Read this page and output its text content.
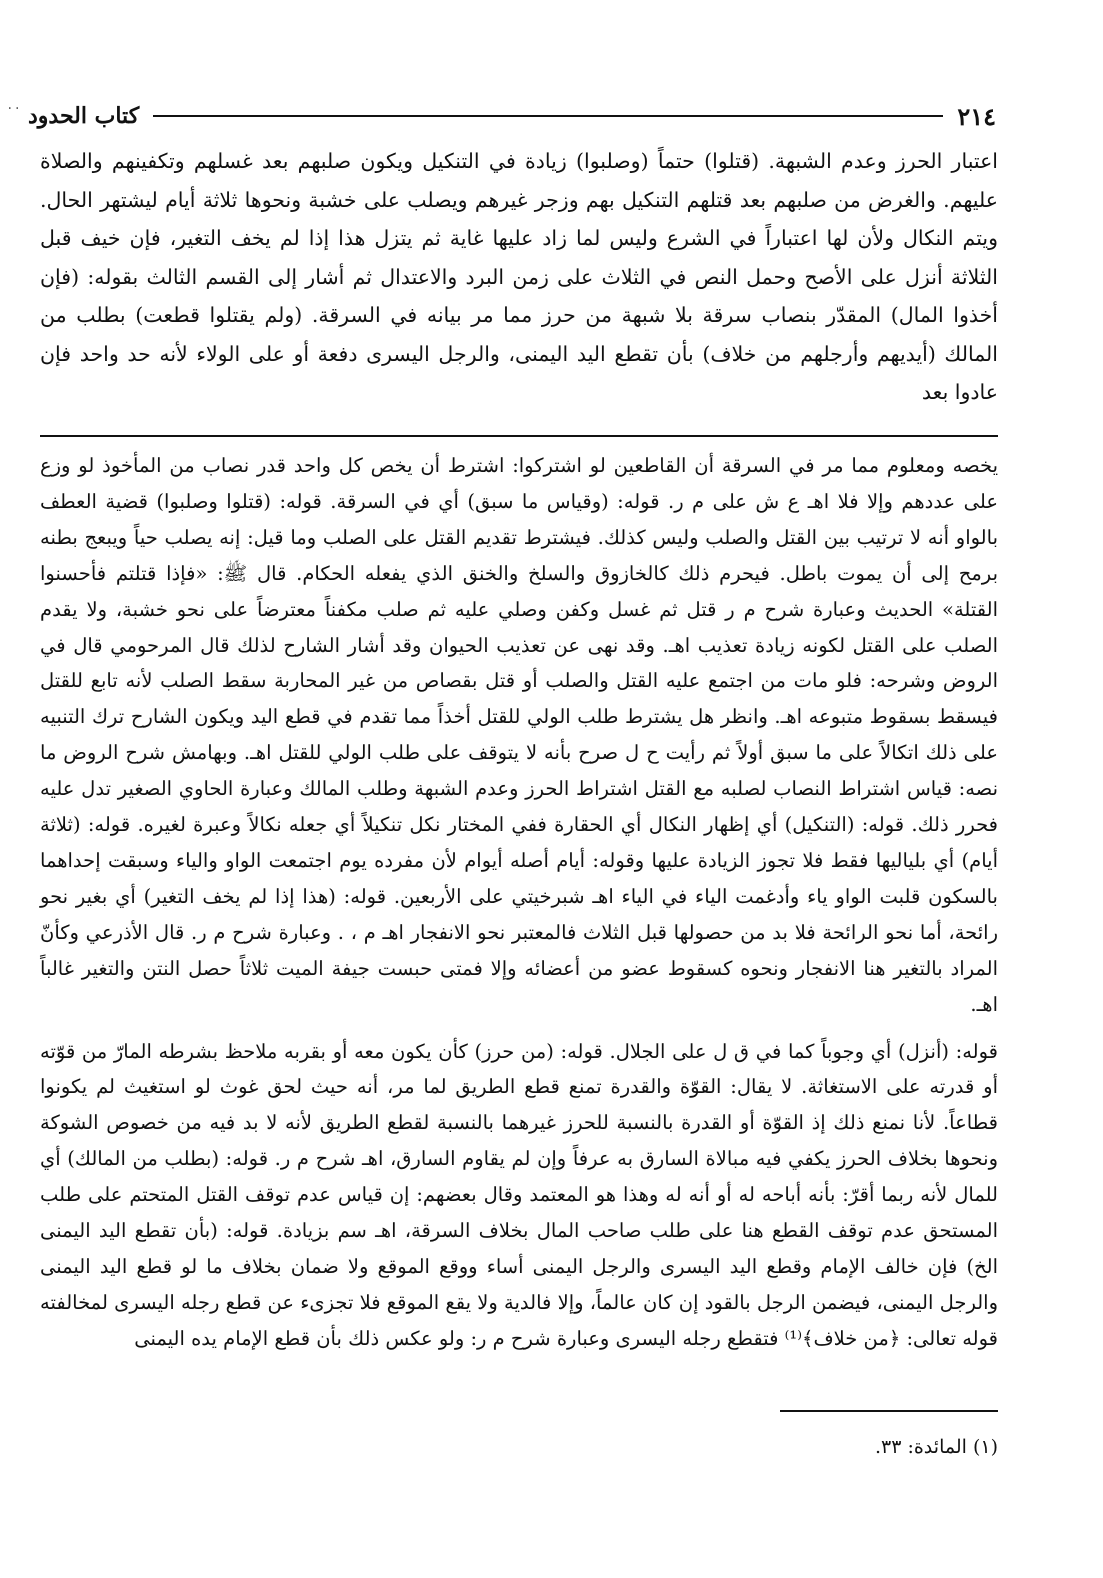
٢١٤
كتاب الحدود
٠٠
اعتبار الحرز وعدم الشبهة. (قتلوا) حتماً (وصلبوا) زيادة في التنكيل ويكون صلبهم بعد غسلهم وتكفينهم والصلاة عليهم. والغرض من صلبهم بعد قتلهم التنكيل بهم وزجر غيرهم ويصلب على خشبة ونحوها ثلاثة أيام ليشتهر الحال. ويتم النكال ولأن لها اعتباراً في الشرع وليس لما زاد عليها غاية ثم يتزل هذا إذا لم يخف التغير، فإن خيف قبل الثلاثة أنزل على الأصح وحمل النص في الثلاث على زمن البرد والاعتدال ثم أشار إلى القسم الثالث بقوله: (فإن أخذوا المال) المقدّر بنصاب سرقة بلا شبهة من حرز مما مر بيانه في السرقة. (ولم يقتلوا قطعت) بطلب من المالك (أيديهم وأرجلهم من خلاف) بأن تقطع اليد اليمنى، والرجل اليسرى دفعة أو على الولاء لأنه حد واحد فإن عادوا بعد

يخصه ومعلوم مما مر في السرقة أن القاطعين لو اشتركوا: اشترط أن يخص كل واحد قدر نصاب من المأخوذ لو وزع على عددهم وإلا فلا اهـ ع ش على م ر. قوله: (وقياس ما سبق) أي في السرقة. قوله: (قتلوا وصلبوا) قضية العطف بالواو أنه لا ترتيب بين القتل والصلب وليس كذلك. فيشترط تقديم القتل على الصلب وما قيل: إنه يصلب حياً ويبعج بطنه برمح إلى أن يموت باطل. فيحرم ذلك كالخازوق والسلخ والخنق الذي يفعله الحكام. قال ﷺ: «فإذا قتلتم فأحسنوا القتلة» الحديث وعبارة شرح م ر قتل ثم غسل وكفن وصلي عليه ثم صلب مكفناً معترضاً على نحو خشبة، ولا يقدم الصلب على القتل لكونه زيادة تعذيب اهـ. وقد نهى عن تعذيب الحيوان وقد أشار الشارح لذلك قال المرحومي قال في الروض وشرحه: فلو مات من اجتمع عليه القتل والصلب أو قتل بقصاص من غير المحاربة سقط الصلب لأنه تابع للقتل فيسقط بسقوط متبوعه اهـ. وانظر هل يشترط طلب الولي للقتل أخذاً مما تقدم في قطع اليد ويكون الشارح ترك التنبيه على ذلك اتكالاً على ما سبق أولاً ثم رأيت ح ل صرح بأنه لا يتوقف على طلب الولي للقتل اهـ. وبهامش شرح الروض ما نصه: قياس اشتراط النصاب لصلبه مع القتل اشتراط الحرز وعدم الشبهة وطلب المالك وعبارة الحاوي الصغير تدل عليه فحرر ذلك. قوله: (التنكيل) أي إظهار النكال أي الحقارة ففي المختار نكل تنكيلاً أي جعله نكالاً وعبرة لغيره. قوله: (ثلاثة أيام) أي بلياليها فقط فلا تجوز الزيادة عليها وقوله: أيام أصله أيوام لأن مفرده يوم اجتمعت الواو والياء وسبقت إحداهما بالسكون قلبت الواو ياء وأدغمت الياء في الياء اهـ شبرخيتي على الأربعين. قوله: (هذا إذا لم يخف التغير) أي بغير نحو رائحة، أما نحو الرائحة فلا بد من حصولها قبل الثلاث فالمعتبر نحو الانفجار اهـ م ، . وعبارة شرح م ر. قال الأذرعي وكأنّ المراد بالتغير هنا الانفجار ونحوه كسقوط عضو من أعضائه وإلا فمتى حبست جيفة الميت ثلاثاً حصل النتن والتغير غالباً اهـ.

قوله: (أنزل) أي وجوباً كما في ق ل على الجلال. قوله: (من حرز) كأن يكون معه أو بقربه ملاحظ بشرطه المارّ من قوّته أو قدرته على الاستغاثة. لا يقال: القوّة والقدرة تمنع قطع الطريق لما مر، أنه حيث لحق غوث لو استغيث لم يكونوا قطاعاً. لأنا نمنع ذلك إذ القوّة أو القدرة بالنسبة للحرز غيرهما بالنسبة لقطع الطريق لأنه لا بد فيه من خصوص الشوكة ونحوها بخلاف الحرز يكفي فيه مبالاة السارق به عرفاً وإن لم يقاوم السارق، اهـ شرح م ر. قوله: (بطلب من المالك) أي للمال لأنه ربما أقرّ: بأنه أباحه له أو أنه له وهذا هو المعتمد وقال بعضهم: إن قياس عدم توقف القتل المتحتم على طلب المستحق عدم توقف القطع هنا على طلب صاحب المال بخلاف السرقة، اهـ سم بزيادة. قوله: (بأن تقطع اليد اليمنى الخ) فإن خالف الإمام وقطع اليد اليسرى والرجل اليمنى أساء ووقع الموقع ولا ضمان بخلاف ما لو قطع اليد اليمنى والرجل اليمنى، فيضمن الرجل بالقود إن كان عالماً، وإلا فالدية ولا يقع الموقع فلا تجزىء عن قطع رجله اليسرى لمخالفته قوله تعالى: ﴿من خلاف﴾⁽¹⁾ فتقطع رجله اليسرى وعبارة شرح م ر: ولو عكس ذلك بأن قطع الإمام يده اليمنى

(١) المائدة: ٣٣.
